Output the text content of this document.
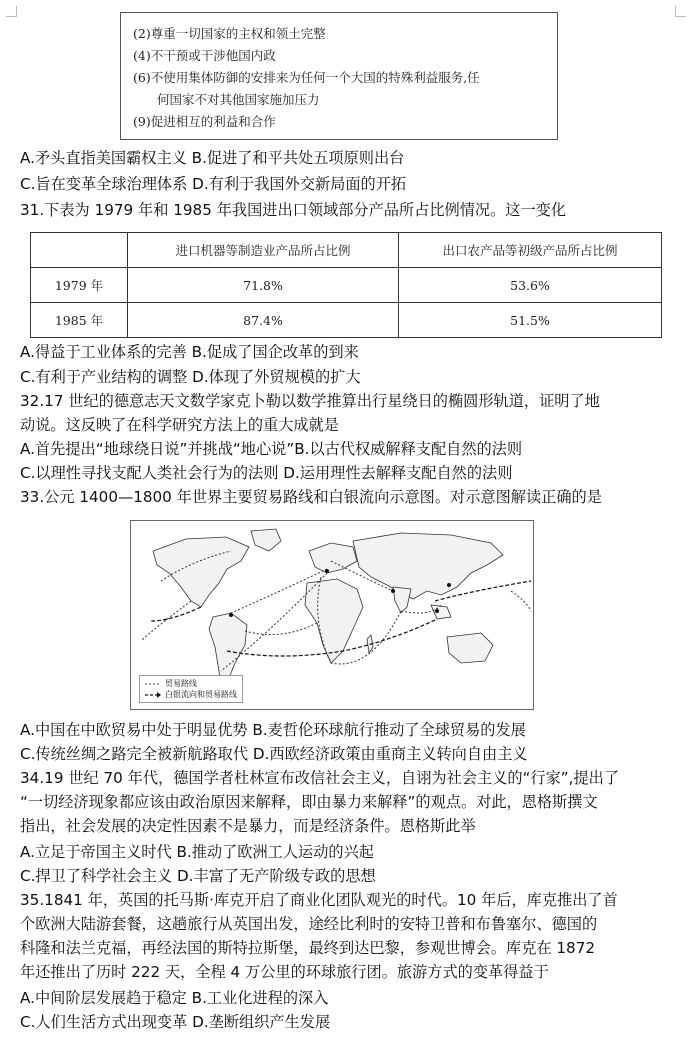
(2)尊重一切国家的主权和领土完整
(4)不干预或干涉他国内政
(6)不使用集体防御的安排来为任何一个大国的特殊利益服务,任
何国家不对其他国家施加压力
(9)促进相互的利益和合作
A.矛头直指美国霸权主义 B.促进了和平共处五项原则出台
C.旨在变革全球治理体系 D.有利于我国外交新局面的开拓
31.下表为 1979 年和 1985 年我国进出口领域部分产品所占比例情况。这一变化
	进口机器等制造业产品所占比例	出口农产品等初级产品所占比例
1979 年	71.8%	53.6%
1985 年	87.4%	51.5%
A.得益于工业体系的完善 B.促成了国企改革的到来
C.有利于产业结构的调整 D.体现了外贸规模的扩大
32.17 世纪的德意志天文数学家克卜勒以数学推算出行星绕日的椭圆形轨道，证明了地
动说。这反映了在科学研究方法上的重大成就是
A.首先提出“地球绕日说”并挑战“地心说”B.以古代权威解释支配自然的法则
C.以理性寻找支配人类社会行为的法则 D.运用理性去解释支配自然的法则
33.公元 1400—1800 年世界主要贸易路线和白银流向示意图。对示意图解读正确的是
贸易路线
白银流向和贸易路线
A.中国在中欧贸易中处于明显优势 B.麦哲伦环球航行推动了全球贸易的发展
C.传统丝绸之路完全被新航路取代 D.西欧经济政策由重商主义转向自由主义
34.19 世纪 70 年代，德国学者杜林宣布改信社会主义，自诩为社会主义的“行家”,提出了
“一切经济现象都应该由政治原因来解释，即由暴力来解释”的观点。对此，恩格斯撰文
指出，社会发展的决定性因素不是暴力，而是经济条件。恩格斯此举
A.立足于帝国主义时代 B.推动了欧洲工人运动的兴起
C.捍卫了科学社会主义 D.丰富了无产阶级专政的思想
35.1841 年，英国的托马斯·库克开启了商业化团队观光的时代。10 年后，库克推出了首
个欧洲大陆游套餐，这趟旅行从英国出发，途经比利时的安特卫普和布鲁塞尔、德国的
科隆和法兰克福，再经法国的斯特拉斯堡，最终到达巴黎，参观世博会。库克在 1872
年还推出了历时 222 天，全程 4 万公里的环球旅行团。旅游方式的变革得益于
A.中间阶层发展趋于稳定 B.工业化进程的深入
C.人们生活方式出现变革 D.垄断组织产生发展
